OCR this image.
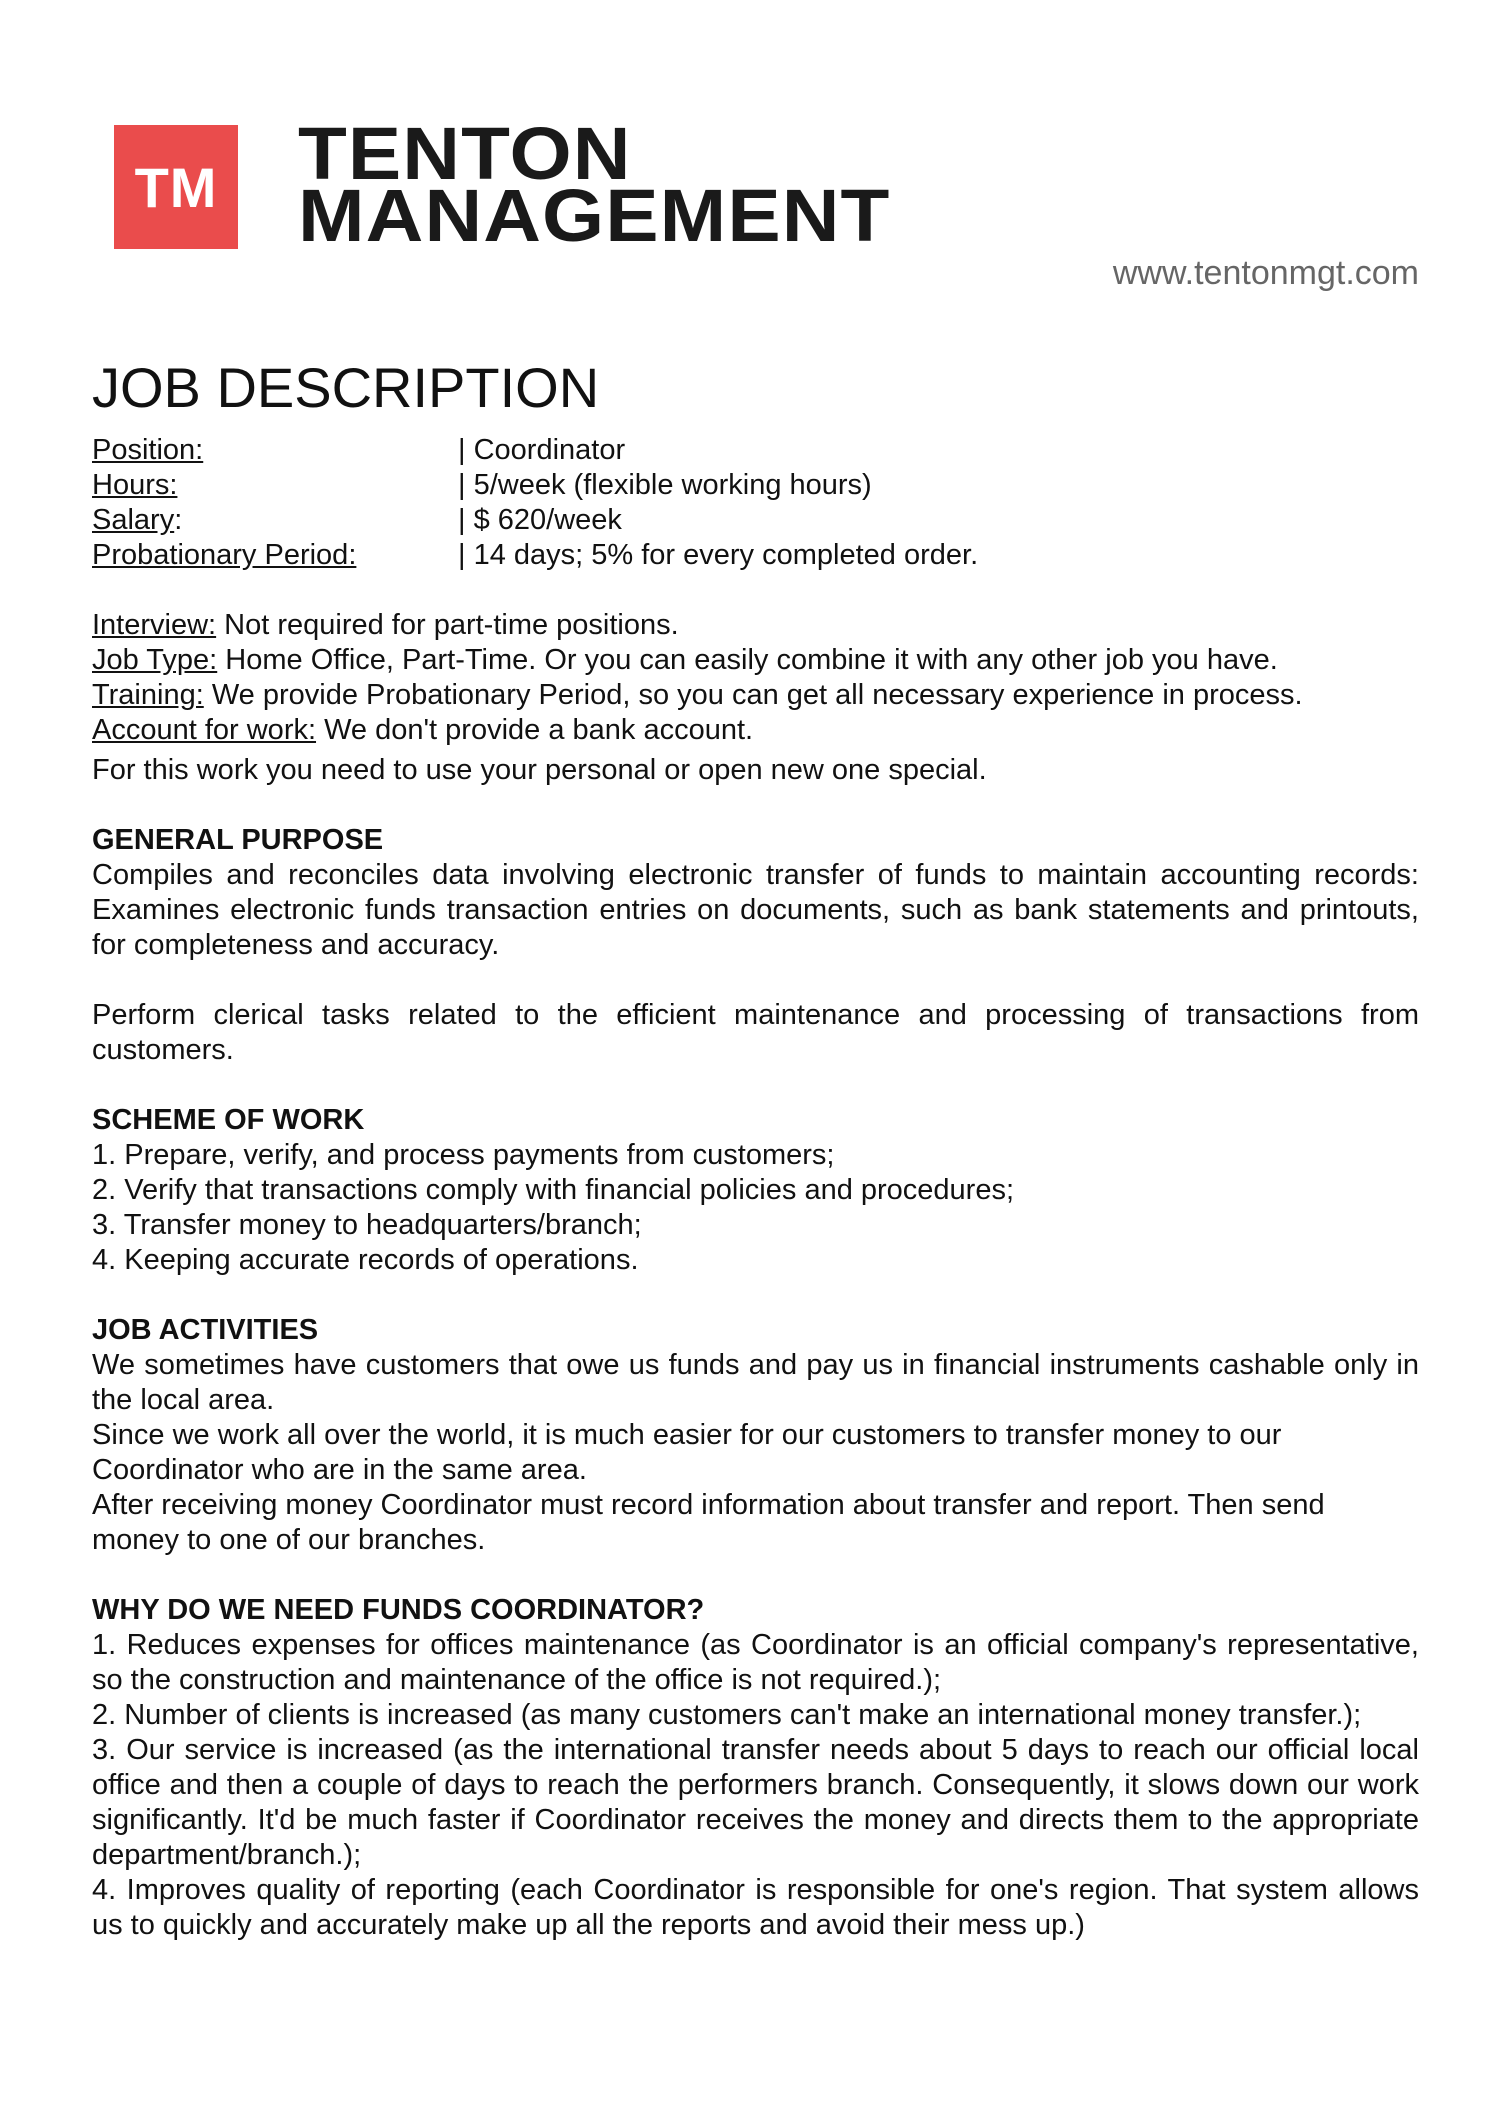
TM TENTON
MANAGEMENT
www.tentonmgt.com
JOB DESCRIPTION
Position:	| Coordinator
Hours:	| 5/week (flexible working hours)
Salary:	| $ 620/week
Probationary Period:	| 14 days; 5% for every completed order.

Interview: Not required for part-time positions.

Job Type: Home Office, Part-Time. Or you can easily combine it with any other job you have.

Training: We provide Probationary Period, so you can get all necessary experience in process.

Account for work: We don't provide a bank account.

For this work you need to use your personal or open new one special.

GENERAL PURPOSE

Compiles and reconciles data involving electronic transfer of funds to maintain accounting records: Examines electronic funds transaction entries on documents, such as bank statements and printouts, for completeness and accuracy.

Perform clerical tasks related to the efficient maintenance and processing of transactions from customers.

SCHEME OF WORK

1. Prepare, verify, and process payments from customers;
2. Verify that transactions comply with financial policies and procedures;
3. Transfer money to headquarters/branch;
4. Keeping accurate records of operations.

JOB ACTIVITIES

We sometimes have customers that owe us funds and pay us in financial instruments cashable only in the local area.

Since we work all over the world, it is much easier for our customers to transfer money to our Coordinator who are in the same area.

After receiving money Coordinator must record information about transfer and report. Then send money to one of our branches.

WHY DO WE NEED FUNDS COORDINATOR?

1. Reduces expenses for offices maintenance (as Coordinator is an official company's representative, so the construction and maintenance of the office is not required.);
2. Number of clients is increased (as many customers can't make an international money transfer.);
3. Our service is increased (as the international transfer needs about 5 days to reach our official local office and then a couple of days to reach the performers branch. Consequently, it slows down our work significantly. It'd be much faster if Coordinator receives the money and directs them to the appropriate department/branch.);
4. Improves quality of reporting (each Coordinator is responsible for one's region. That system allows us to quickly and accurately make up all the reports and avoid their mess up.)
